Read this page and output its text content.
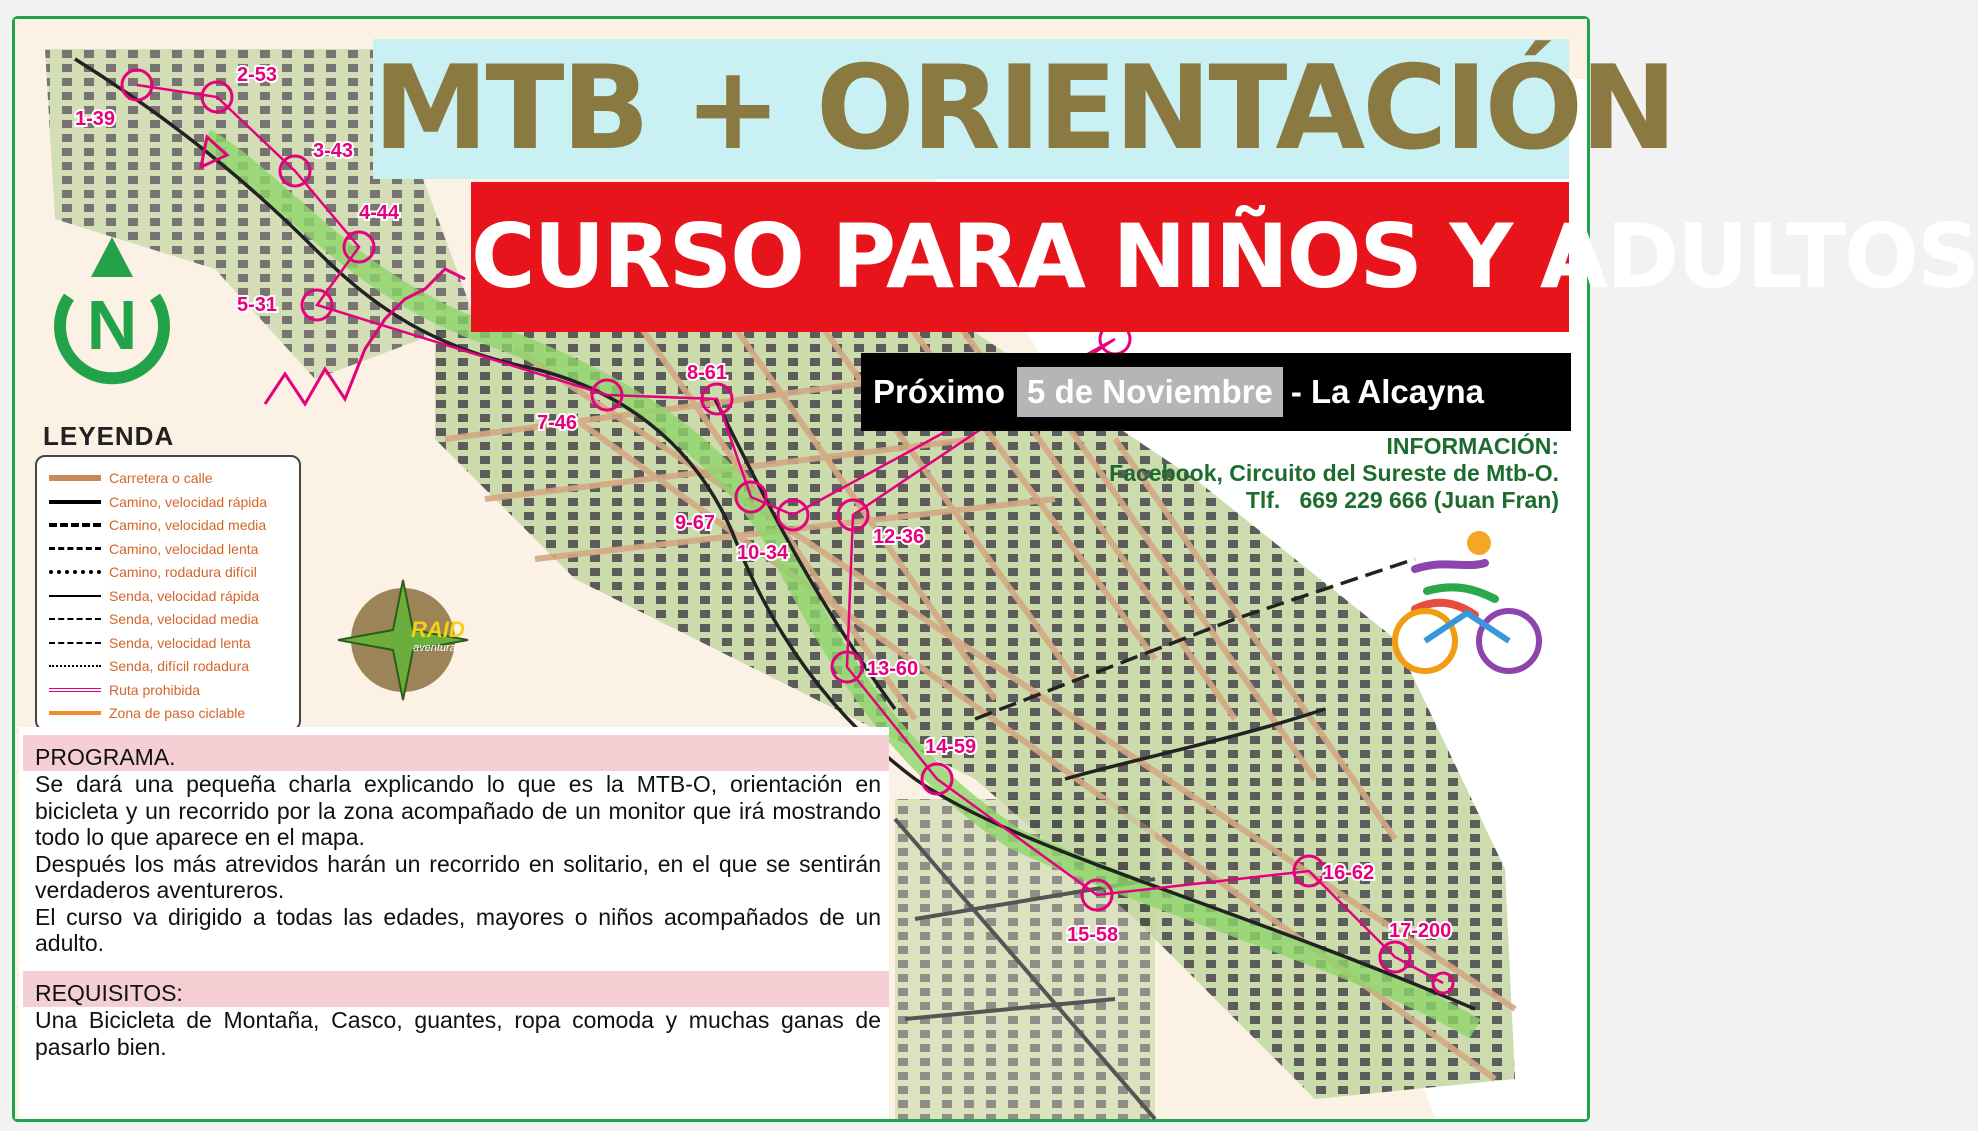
1-39
2-53
3-43
4-44
5-31
7-46
8-61
9-67
10-34
12-36
13-60
14-59
15-58
16-62
17-200
MTB + ORIENTACIÓN
CURSO PARA NIÑOS Y ADULTOS
Próximo 5 de Noviembre - La Alcayna
INFORMACIÓN:
Facebook, Circuito del Sureste de Mtb-O.
Tlf.   669 229 666 (Juan Fran)
N
LEYENDA
Carretera o calle
Camino, velocidad rápida
Camino, velocidad media
Camino, velocidad lenta
Camino, rodadura difícil
Senda, velocidad rápida
Senda, velocidad media
Senda, velocidad lenta
Senda, difícil rodadura
Ruta prohibida
Zona de paso ciclable
RAID
aventura
PROGRAMA.

Se dará una pequeña charla explicando lo que es la MTB-O, orientación en bicicleta y un recorrido por la zona acompañado de un monitor que irá mostrando todo lo que aparece en el mapa.

Después los más atrevidos harán un recorrido en solitario, en el que se sentirán verdaderos aventureros.

El curso va dirigido a todas las edades, mayores o niños acompañados de un adulto.

REQUISITOS:
Una Bicicleta de Montaña, Casco, guantes, ropa comoda y muchas ganas de pasarlo bien.
